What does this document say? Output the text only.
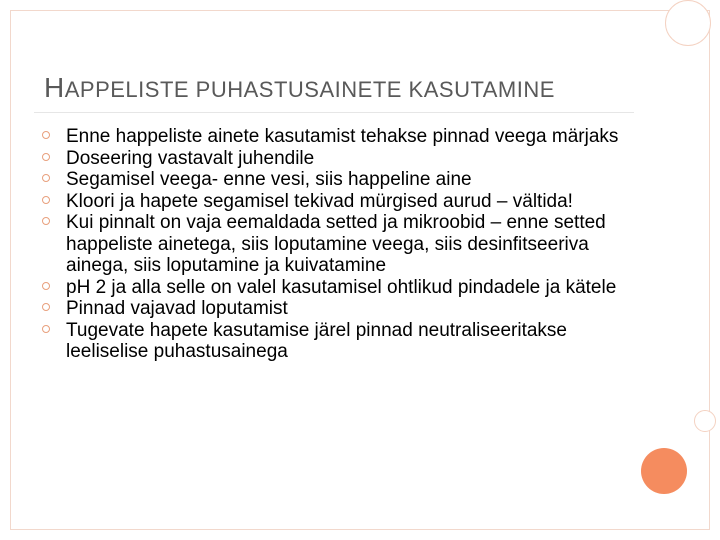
HAPPELISTE PUHASTUSAINETE KASUTAMINE
Enne happeliste ainete kasutamist tehakse pinnad veega märjaks
Doseering vastavalt juhendile
Segamisel veega- enne vesi, siis happeline aine
Kloori ja hapete segamisel tekivad mürgised aurud – vältida!
Kui pinnalt on vaja eemaldada setted ja mikroobid – enne setted happeliste ainetega, siis loputamine veega, siis desinfitseeriva ainega, siis loputamine ja kuivatamine
pH 2 ja alla selle on valel kasutamisel ohtlikud pindadele ja kätele
Pinnad vajavad loputamist
Tugevate hapete kasutamise järel pinnad neutraliseeritakse leeliselise puhastusainega
